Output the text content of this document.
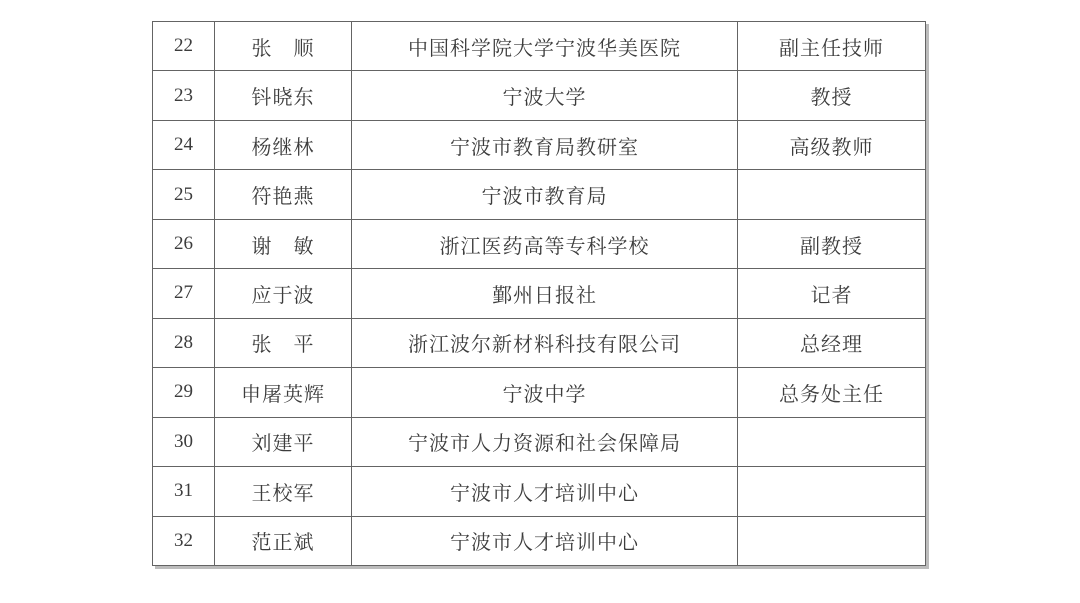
22	张　顺	中国科学院大学宁波华美医院	副主任技师
23	钭晓东	宁波大学	教授
24	杨继林	宁波市教育局教研室	高级教师
25	符艳燕	宁波市教育局	
26	谢　敏	浙江医药高等专科学校	副教授
27	应于波	鄞州日报社	记者
28	张　平	浙江波尔新材料科技有限公司	总经理
29	申屠英辉	宁波中学	总务处主任
30	刘建平	宁波市人力资源和社会保障局	
31	王校军	宁波市人才培训中心	
32	范正斌	宁波市人才培训中心	
